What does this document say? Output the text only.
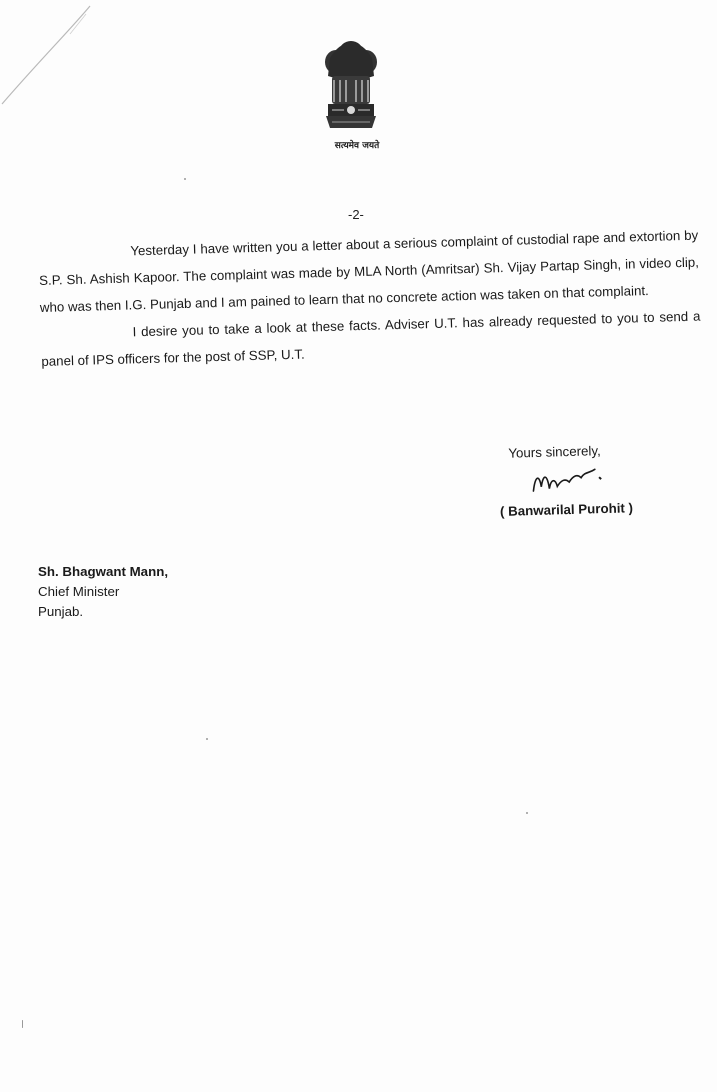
सत्यमेव जयते
-2-

Yesterday I have written you a letter about a serious complaint of custodial rape and extortion by S.P. Sh. Ashish Kapoor. The complaint was made by MLA North (Amritsar) Sh. Vijay Partap Singh, in video clip, who was then I.G. Punjab and I am pained to learn that no concrete action was taken on that complaint.

I desire you to take a look at these facts. Adviser U.T. has already requested to you to send a panel of IPS officers for the post of SSP, U.T.

Yours sincerely,
( Banwarilal Purohit )
Sh. Bhagwant Mann,
Chief Minister
Punjab.
